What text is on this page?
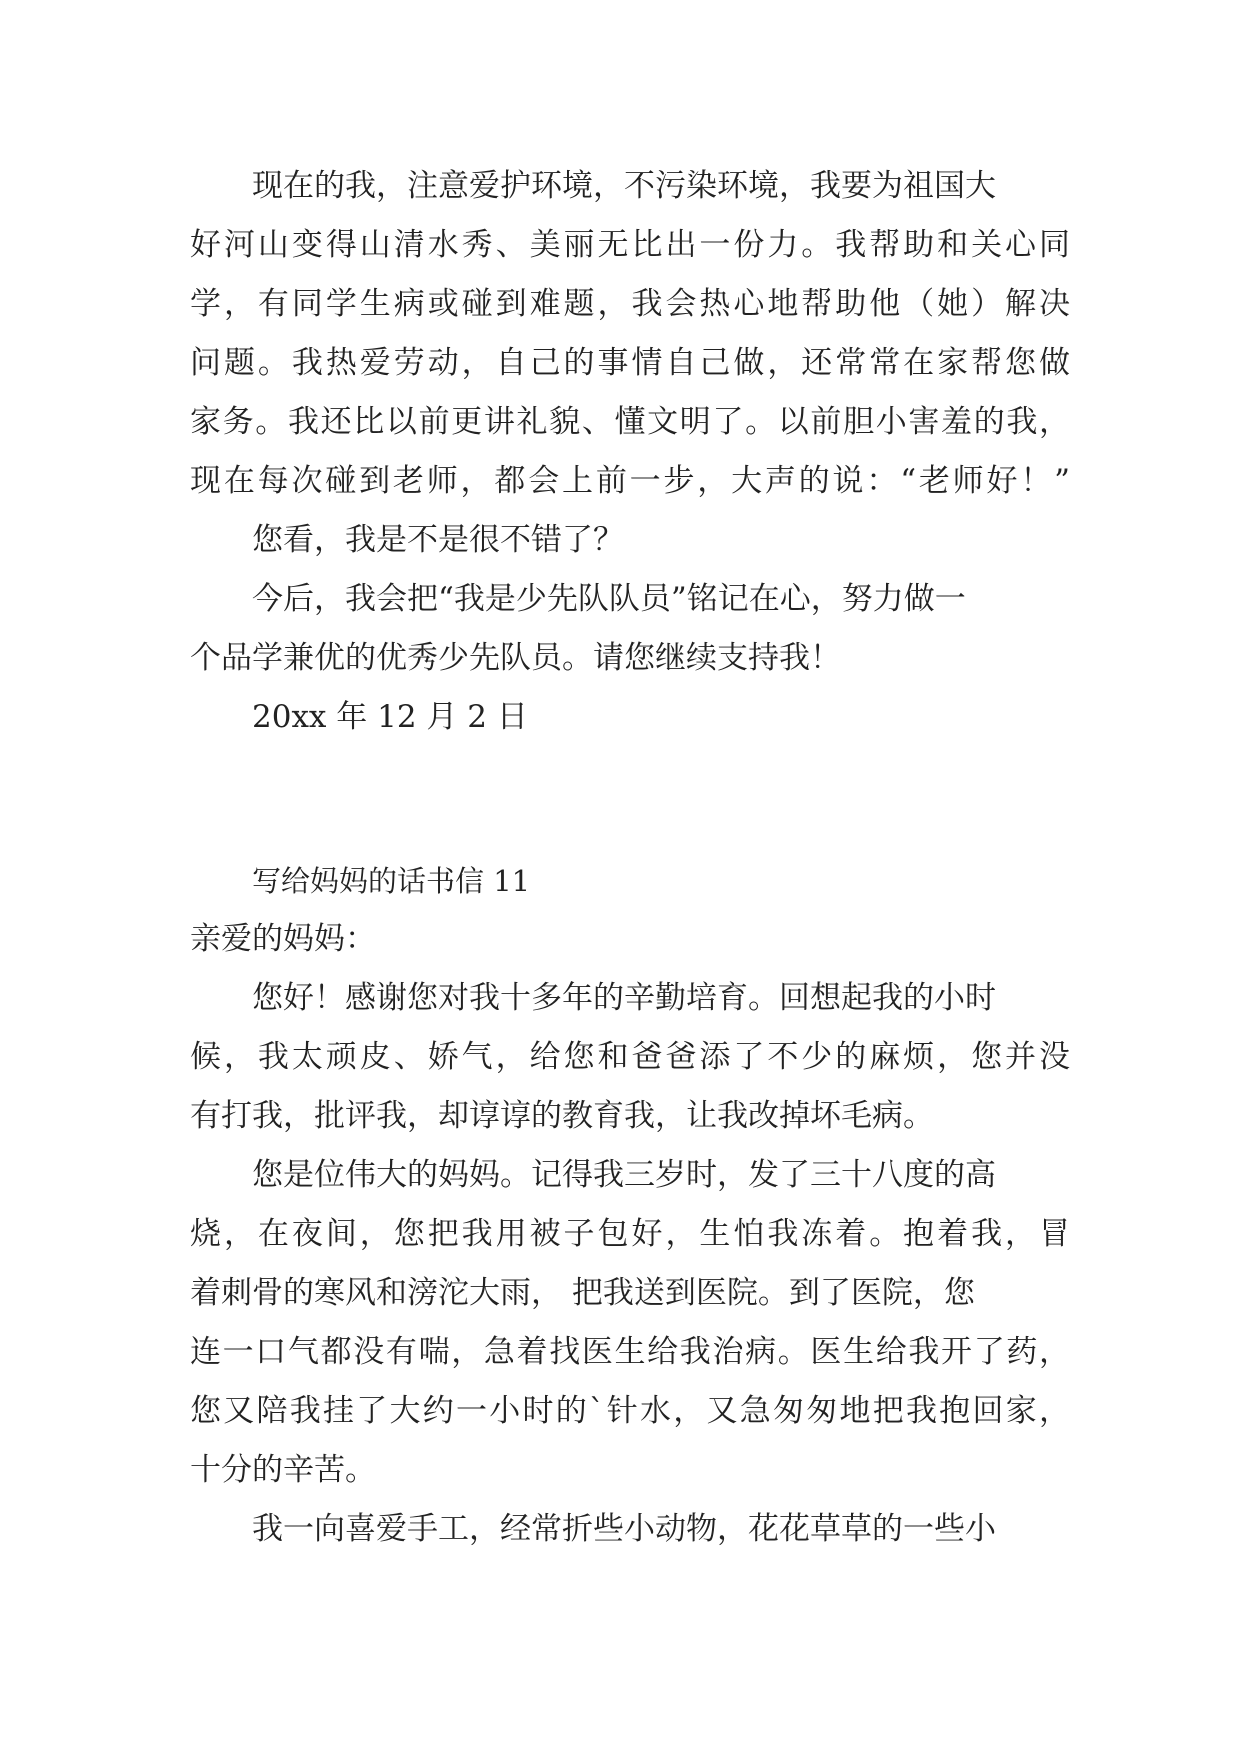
现在的我，注意爱护环境，不污染环境，我要为祖国大
好河山变得山清水秀、美丽无比出一份力。我帮助和关心同
学，有同学生病或碰到难题，我会热心地帮助他（她）解决
问题。我热爱劳动，自己的事情自己做，还常常在家帮您做
家务。我还比以前更讲礼貌、懂文明了。以前胆小害羞的我，
现在每次碰到老师，都会上前一步，大声的说：“老师好！”
您看，我是不是很不错了？
今后，我会把“我是少先队队员”铭记在心，努力做一
个品学兼优的优秀少先队员。请您继续支持我！
20xx 年 12 月 2 日
写给妈妈的话书信 11
亲爱的妈妈：
您好！感谢您对我十多年的辛勤培育。回想起我的小时
候，我太顽皮、娇气，给您和爸爸添了不少的麻烦，您并没
有打我，批评我，却谆谆的教育我，让我改掉坏毛病。
您是位伟大的妈妈。记得我三岁时，发了三十八度的高
烧，在夜间，您把我用被子包好，生怕我冻着。抱着我，冒
着刺骨的寒风和滂沱大雨， 把我送到医院。到了医院，您
连一口气都没有喘，急着找医生给我治病。医生给我开了药，
您又陪我挂了大约一小时的`针水，又急匆匆地把我抱回家，
十分的辛苦。
我一向喜爱手工，经常折些小动物，花花草草的一些小
